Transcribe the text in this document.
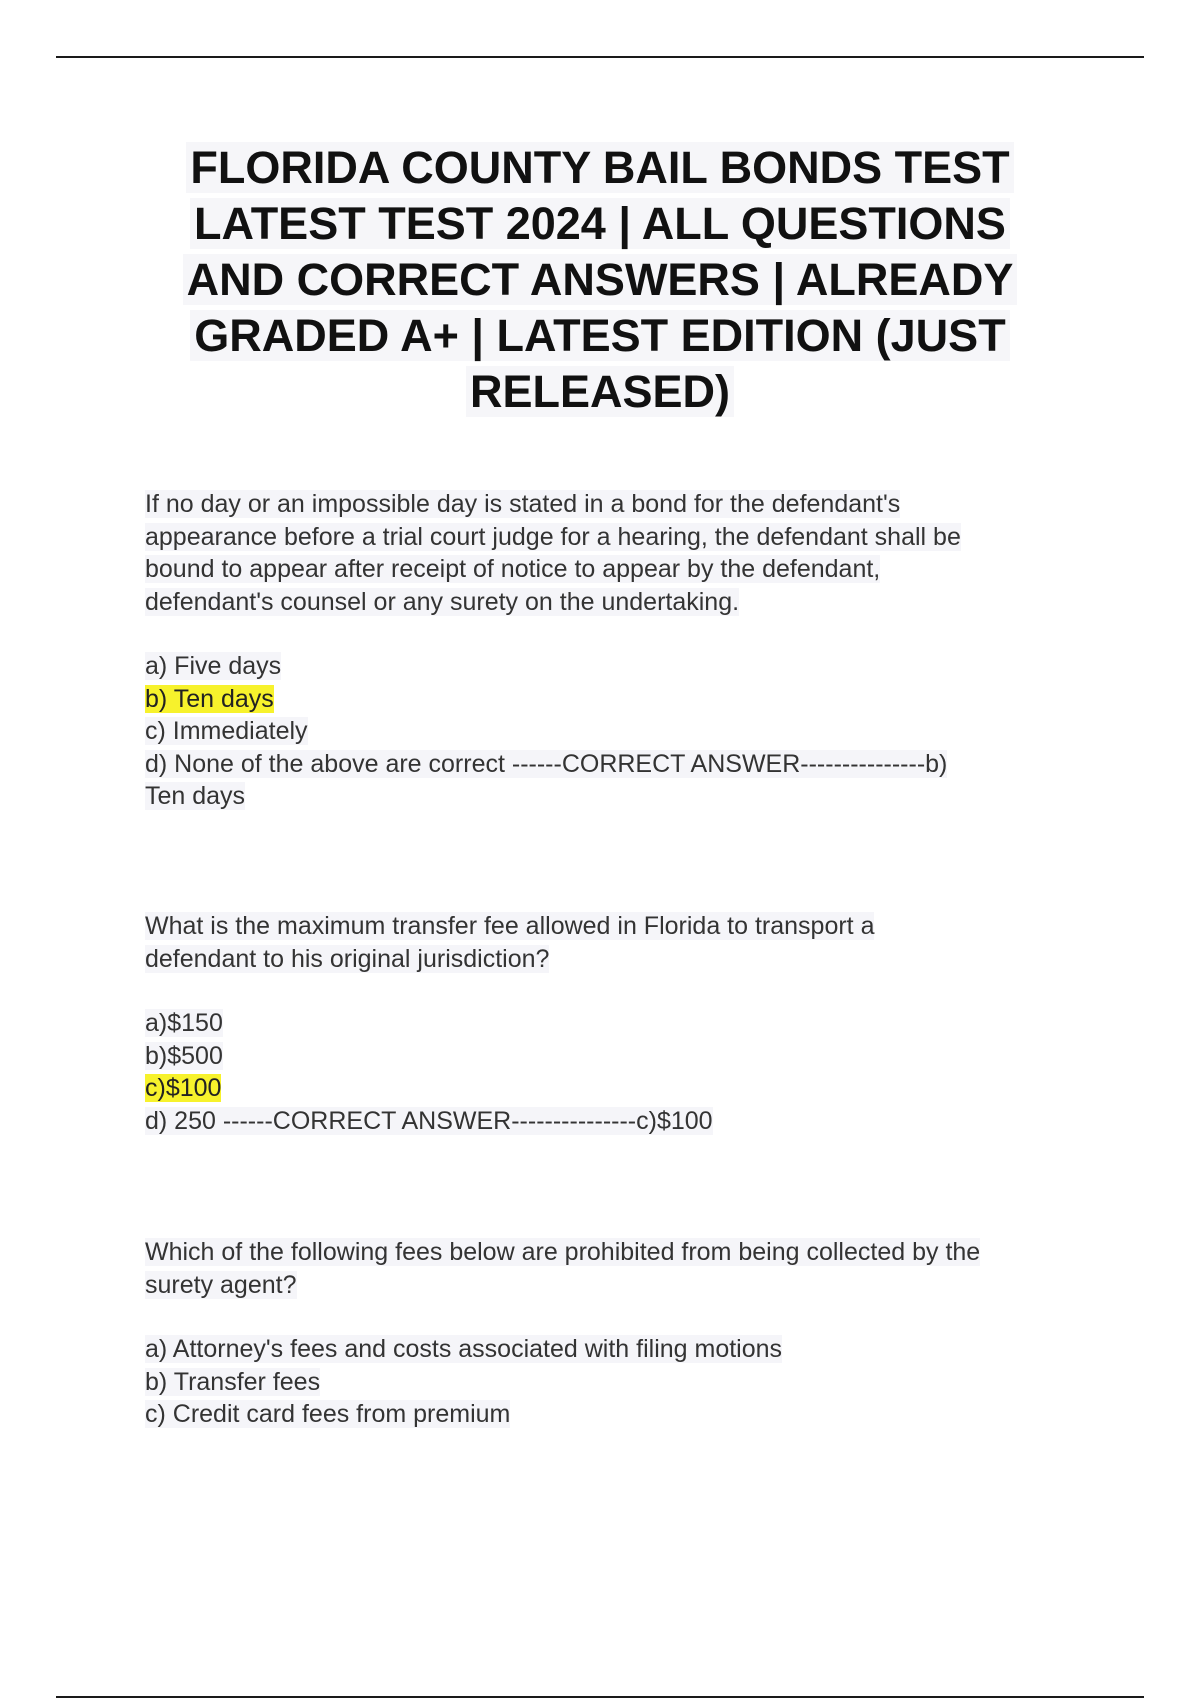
FLORIDA COUNTY BAIL BONDS TEST
LATEST TEST 2024 | ALL QUESTIONS
AND CORRECT ANSWERS | ALREADY
GRADED A+ | LATEST EDITION (JUST
RELEASED)
If no day or an impossible day is stated in a bond for the defendant's
appearance before a trial court judge for a hearing, the defendant shall be
bound to appear after receipt of notice to appear by the defendant,
defendant's counsel or any surety on the undertaking.
a) Five days
b) Ten days
c) Immediately
d) None of the above are correct ------CORRECT ANSWER---------------b)
Ten days
What is the maximum transfer fee allowed in Florida to transport a
defendant to his original jurisdiction?
a)$150
b)$500
c)$100
d) 250 ------CORRECT ANSWER---------------c)$100
Which of the following fees below are prohibited from being collected by the
surety agent?
a) Attorney's fees and costs associated with filing motions
b) Transfer fees
c) Credit card fees from premium
